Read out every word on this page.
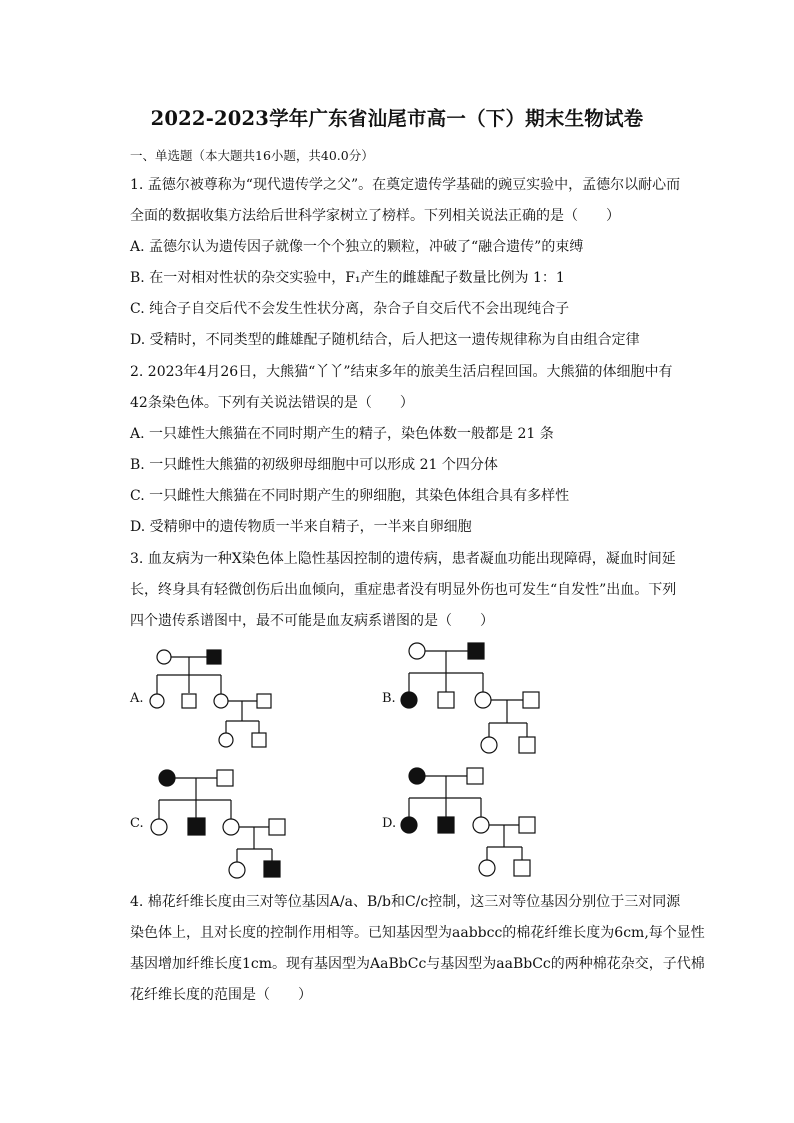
2022-2023学年广东省汕尾市高一（下）期末生物试卷
一、单选题（本大题共16小题，共40.0分）
1. 孟德尔被尊称为“现代遗传学之父”。在奠定遗传学基础的豌豆实验中，孟德尔以耐心而
全面的数据收集方法给后世科学家树立了榜样。下列相关说法正确的是（　　）
A. 孟德尔认为遗传因子就像一个个独立的颗粒，冲破了“融合遗传”的束缚
B. 在一对相对性状的杂交实验中，F₁产生的雌雄配子数量比例为 1：1
C. 纯合子自交后代不会发生性状分离，杂合子自交后代不会出现纯合子
D. 受精时，不同类型的雌雄配子随机结合，后人把这一遗传规律称为自由组合定律
2. 2023年4月26日，大熊猫“丫丫”结束多年的旅美生活启程回国。大熊猫的体细胞中有
42条染色体。下列有关说法错误的是（　　）
A. 一只雄性大熊猫在不同时期产生的精子，染色体数一般都是 21 条
B. 一只雌性大熊猫的初级卵母细胞中可以形成 21 个四分体
C. 一只雌性大熊猫在不同时期产生的卵细胞，其染色体组合具有多样性
D. 受精卵中的遗传物质一半来自精子，一半来自卵细胞
3. 血友病为一种X染色体上隐性基因控制的遗传病，患者凝血功能出现障碍，凝血时间延
长，终身具有轻微创伤后出血倾向，重症患者没有明显外伤也可发生“自发性”出血。下列
四个遗传系谱图中，最不可能是血友病系谱图的是（　　）
A.	B.
C.	D.
4. 棉花纤维长度由三对等位基因A/a、B/b和C/c控制，这三对等位基因分别位于三对同源
染色体上，且对长度的控制作用相等。已知基因型为aabbcc的棉花纤维长度为6cm,每个显性
基因增加纤维长度1cm。现有基因型为AaBbCc与基因型为aaBbCc的两种棉花杂交，子代棉
花纤维长度的范围是（　　）
